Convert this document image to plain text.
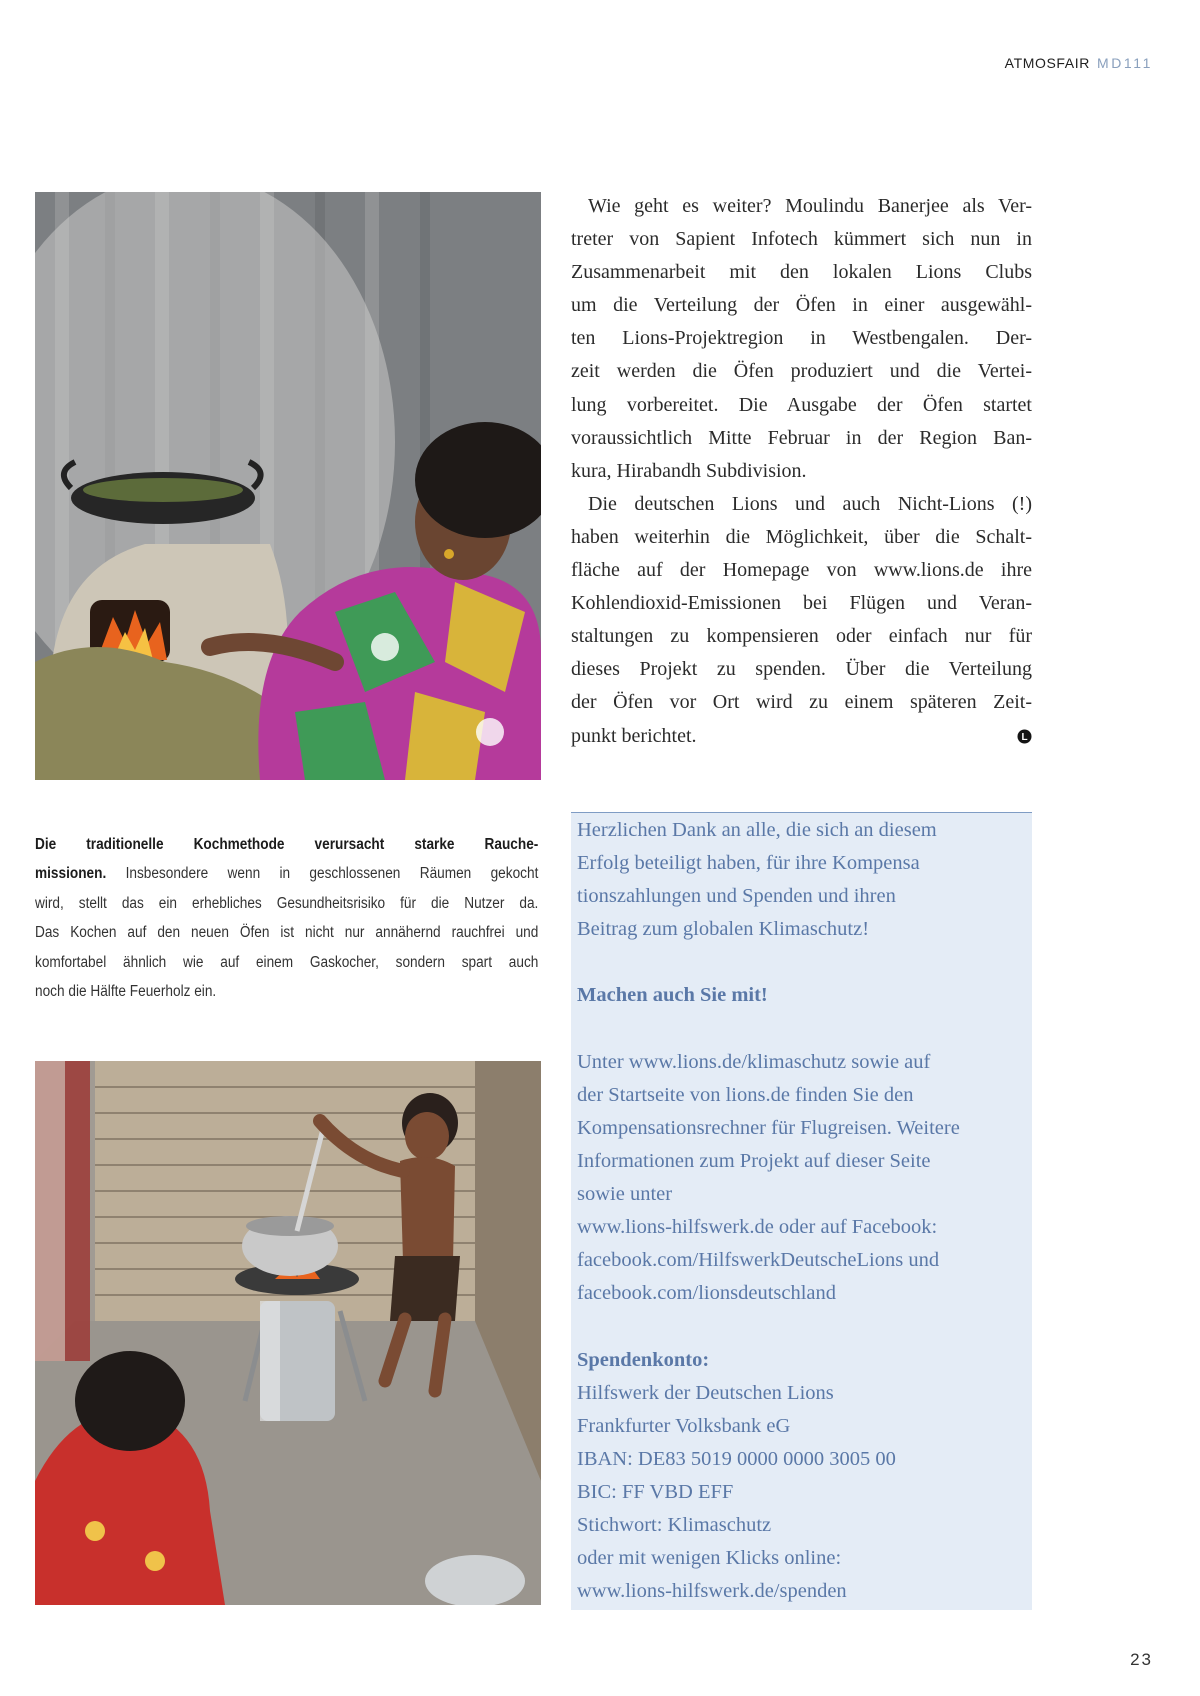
ATMOSFAIR MD111
Wie geht es weiter? Moulindu Banerjee als Ver-
treter von Sapient Infotech kümmert sich nun in
Zusammenarbeit mit den lokalen Lions Clubs
um die Verteilung der Öfen in einer ausgewähl-
ten Lions-Projektregion in Westbengalen. Der-
zeit werden die Öfen produziert und die Vertei-
lung vorbereitet. Die Ausgabe der Öfen startet
voraussichtlich Mitte Februar in der Region Ban-
kura, Hirabandh Subdivision.
Die deutschen Lions und auch Nicht-Lions (!)
haben weiterhin die Möglichkeit, über die Schalt-
fläche auf der Homepage von www.lions.de ihre
Kohlendioxid-Emissionen bei Flügen und Veran-
staltungen zu kompensieren oder einfach nur für
dieses Projekt zu spenden. Über die Verteilung
der Öfen vor Ort wird zu einem späteren Zeit-
punkt berichtet.	L
Die traditionelle Kochmethode verursacht starke Rauche-
missionen. Insbesondere wenn in geschlossenen Räumen gekocht
wird, stellt das ein erhebliches Gesundheitsrisiko für die Nutzer da.
Das Kochen auf den neuen Öfen ist nicht nur annähernd rauchfrei und
komfortabel ähnlich wie auf einem Gaskocher, sondern spart auch
noch die Hälfte Feuerholz ein.
Herzlichen Dank an alle, die sich an diesem
Erfolg beteiligt haben, für ihre Kompensa
tionszahlungen und Spenden und ihren
Beitrag zum globalen Klimaschutz!
Machen auch Sie mit!
Unter www.lions.de/klimaschutz sowie auf
der Startseite von lions.de finden Sie den
Kompensationsrechner für Flugreisen. Weitere
Informationen zum Projekt auf dieser Seite
sowie unter
www.lions-hilfswerk.de oder auf Facebook:
facebook.com/HilfswerkDeutscheLions und
facebook.com/lionsdeutschland
Spendenkonto:
Hilfswerk der Deutschen Lions
Frankfurter Volksbank eG
IBAN: DE83 5019 0000 0000 3005 00
BIC: FF VBD EFF
Stichwort: Klimaschutz
oder mit wenigen Klicks online:
www.lions-hilfswerk.de/spenden
23
